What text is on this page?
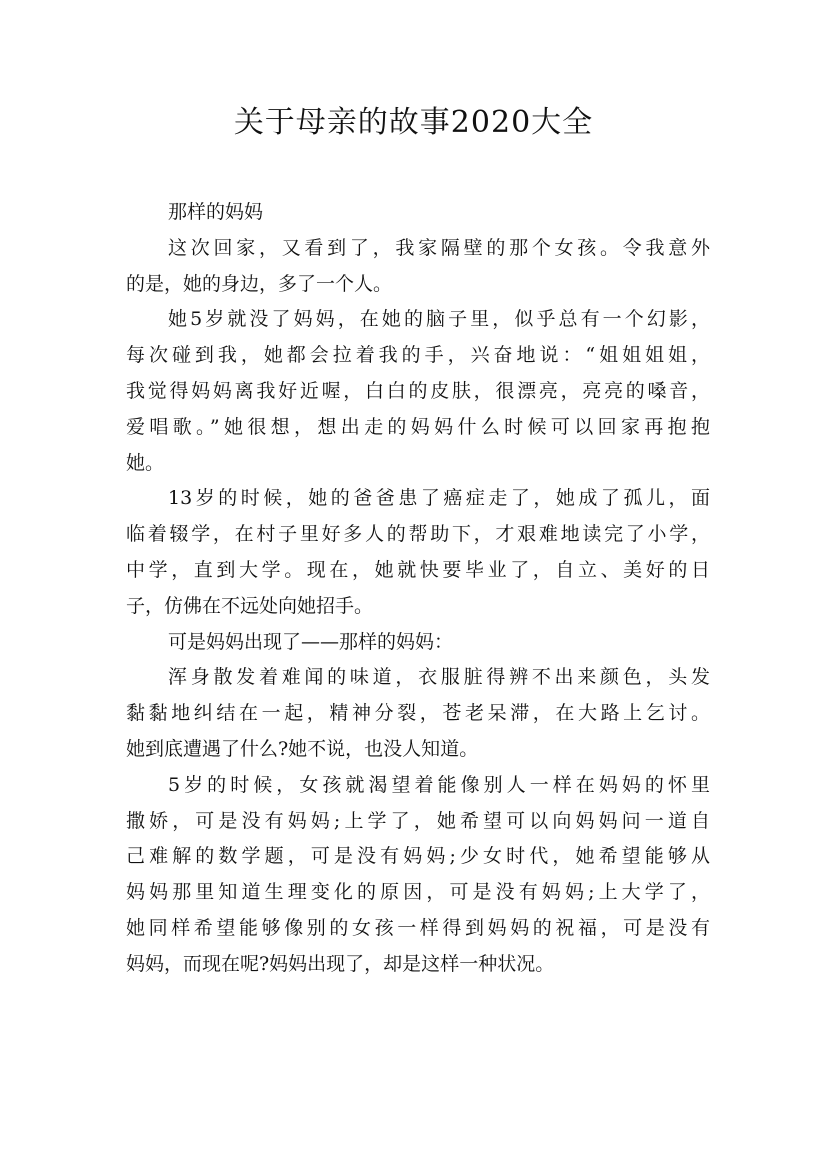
关于母亲的故事2020大全
那样的妈妈
这次回家，又看到了，我家隔壁的那个女孩。令我意外
的是，她的身边，多了一个人。
她5岁就没了妈妈，在她的脑子里，似乎总有一个幻影，
每次碰到我，她都会拉着我的手，兴奋地说：“姐姐姐姐，
我觉得妈妈离我好近喔，白白的皮肤，很漂亮，亮亮的嗓音，
爱唱歌。”她很想，想出走的妈妈什么时候可以回家再抱抱
她。
13岁的时候，她的爸爸患了癌症走了，她成了孤儿，面
临着辍学，在村子里好多人的帮助下，才艰难地读完了小学，
中学，直到大学。现在，她就快要毕业了，自立、美好的日
子，仿佛在不远处向她招手。
可是妈妈出现了——那样的妈妈：
浑身散发着难闻的味道，衣服脏得辨不出来颜色，头发
黏黏地纠结在一起，精神分裂，苍老呆滞，在大路上乞讨。
她到底遭遇了什么?她不说，也没人知道。
5岁的时候，女孩就渴望着能像别人一样在妈妈的怀里
撒娇，可是没有妈妈;上学了，她希望可以向妈妈问一道自
己难解的数学题，可是没有妈妈;少女时代，她希望能够从
妈妈那里知道生理变化的原因，可是没有妈妈;上大学了，
她同样希望能够像别的女孩一样得到妈妈的祝福，可是没有
妈妈，而现在呢?妈妈出现了，却是这样一种状况。
